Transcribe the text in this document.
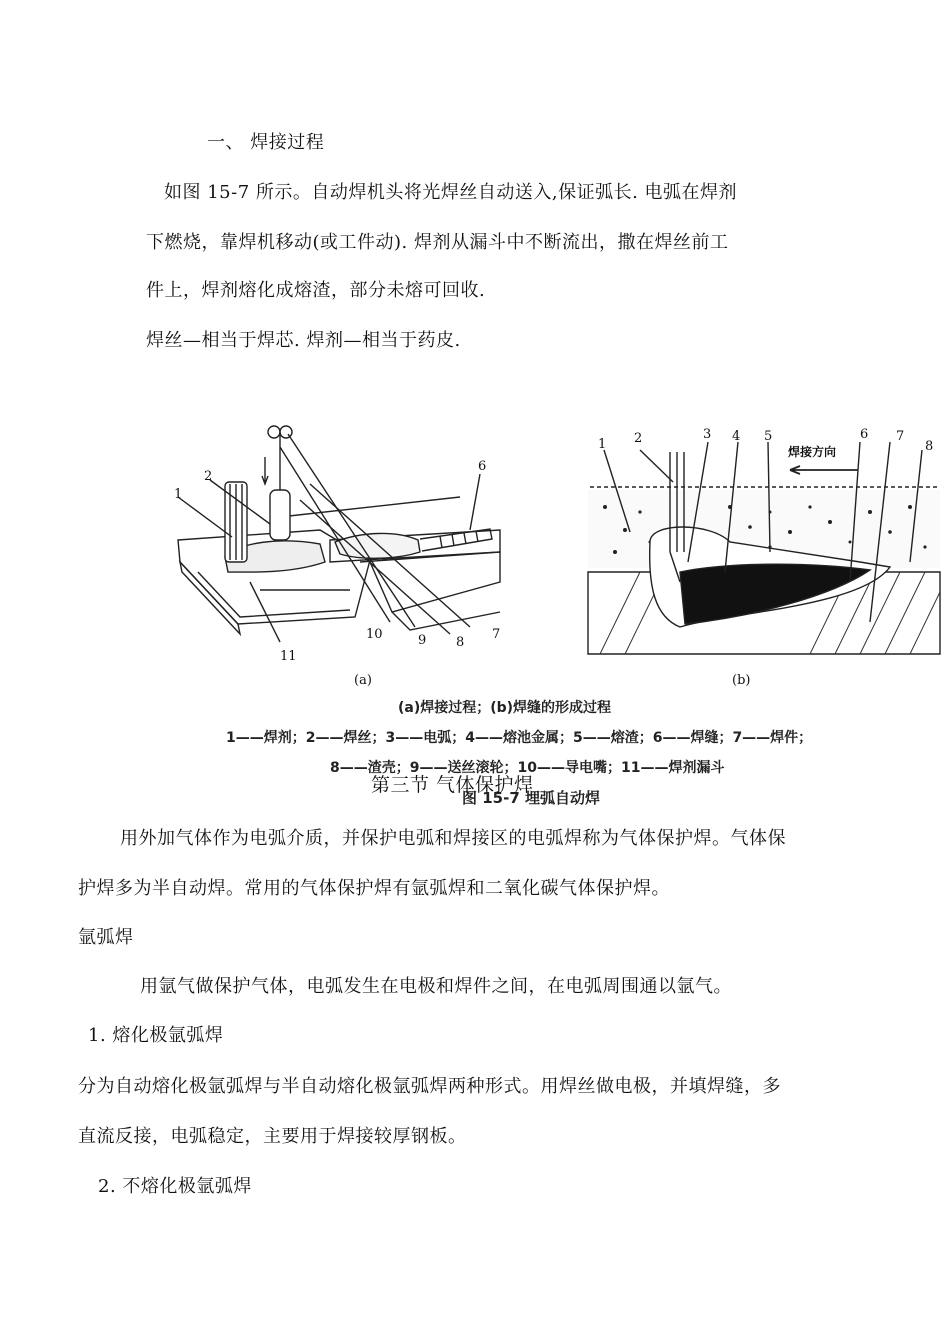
一、 焊接过程
如图 15-7 所示。自动焊机头将光焊丝自动送入,保证弧长. 电弧在焊剂
下燃烧，靠焊机移动(或工件动). 焊剂从漏斗中不断流出，撒在焊丝前工
件上，焊剂熔化成熔渣，部分未熔可回收.
焊丝—相当于焊芯. 焊剂—相当于药皮.
1
2
6
11
10	9 8
7
1 2	3 4 5	6 7
8
焊接方向
(a)	(b)
(a)焊接过程；(b)焊缝的形成过程
1——焊剂；2——焊丝；3——电弧；4——熔池金属；5——熔渣；6——焊缝；7——焊件；
8——渣壳；9——送丝滚轮；10——导电嘴；11——焊剂漏斗
图 15-7 埋弧自动焊
第三节 气体保护焊
用外加气体作为电弧介质，并保护电弧和焊接区的电弧焊称为气体保护焊。气体保
护焊多为半自动焊。常用的气体保护焊有氩弧焊和二氧化碳气体保护焊。
氩弧焊
用氩气做保护气体，电弧发生在电极和焊件之间，在电弧周围通以氩气。
1. 熔化极氩弧焊
分为自动熔化极氩弧焊与半自动熔化极氩弧焊两种形式。用焊丝做电极，并填焊缝，多
直流反接，电弧稳定，主要用于焊接较厚钢板。
2. 不熔化极氩弧焊
